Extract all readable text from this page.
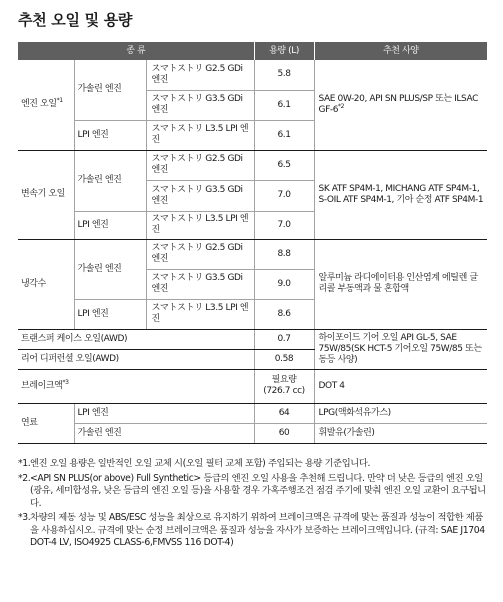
추천 오일 및 용량
종 류			용량 (L)	추천 사양
엔진 오일$^{*1}$	가솔린 엔진	スマトストリ G2.5 GDi 엔진	5.8	SAE 0W-20, API SN PLUS/SP 또는 ILSAC GF-6$^{*2}$
		スマトストリ G3.5 GDi 엔진	6.1	
	LPI 엔진	スマトストリ L3.5 LPI 엔진	6.1	
변속기 오일	가솔린 엔진	スマトストリ G2.5 GDi 엔진	6.5	SK ATF SP4M-1, MICHANG ATF SP4M-1, S-OIL ATF SP4M-1, 기아 순정 ATF SP4M-1
		スマトストリ G3.5 GDi 엔진	7.0	
	LPI 엔진	スマトストリ L3.5 LPI 엔진	7.0	
냉각수	가솔린 엔진	スマトストリ G2.5 GDi 엔진	8.8	알루미늄 라디에이터용 인산염계 에틸렌 글리콜 부동액과 물 혼합액
		スマトストリ G3.5 GDi 엔진	9.0	
	LPI 엔진	スマトストリ L3.5 LPI 엔진	8.6	
트랜스퍼 케이스 오일(AWD)			0.7	하이포이드 기어 오일 API GL-5, SAE 75W/85(SK HCT-5 기어오일 75W/85 또는 동등 사양)
리어 디퍼런셜 오일(AWD)			0.58	
브레이크액$^{*3}$			필요량 (726.7 cc)	DOT 4
연료	LPI 엔진		64	LPG(액화석유가스)
	가솔린 엔진		60	휘발유(가솔린)
*1. 엔진 오일 용량은 일반적인 오일 교체 시(오일 필터 교체 포함) 주입되는 용량 기준입니다.
*2. <API SN PLUS(or above) Full Synthetic> 등급의 엔진 오일 사용을 추천해 드립니다. 만약 더 낮은 등급의 엔진 오일(광유, 세미합성유, 낮은 등급의 엔진 오일 등)을 사용할 경우 가혹주행조건 점검 주기에 맞춰 엔진 오일 교환이 요구됩니다.
*3. 차량의 제동 성능 및 ABS/ESC 성능을 최상으로 유지하기 위하여 브레이크액은 규격에 맞는 품질과 성능이 적합한 제품을 사용하십시오. 규격에 맞는 순정 브레이크액은 품질과 성능을 자사가 보증하는 브레이크액입니다. (규격: SAE J1704 DOT-4 LV, ISO4925 CLASS-6,FMVSS 116 DOT-4)
